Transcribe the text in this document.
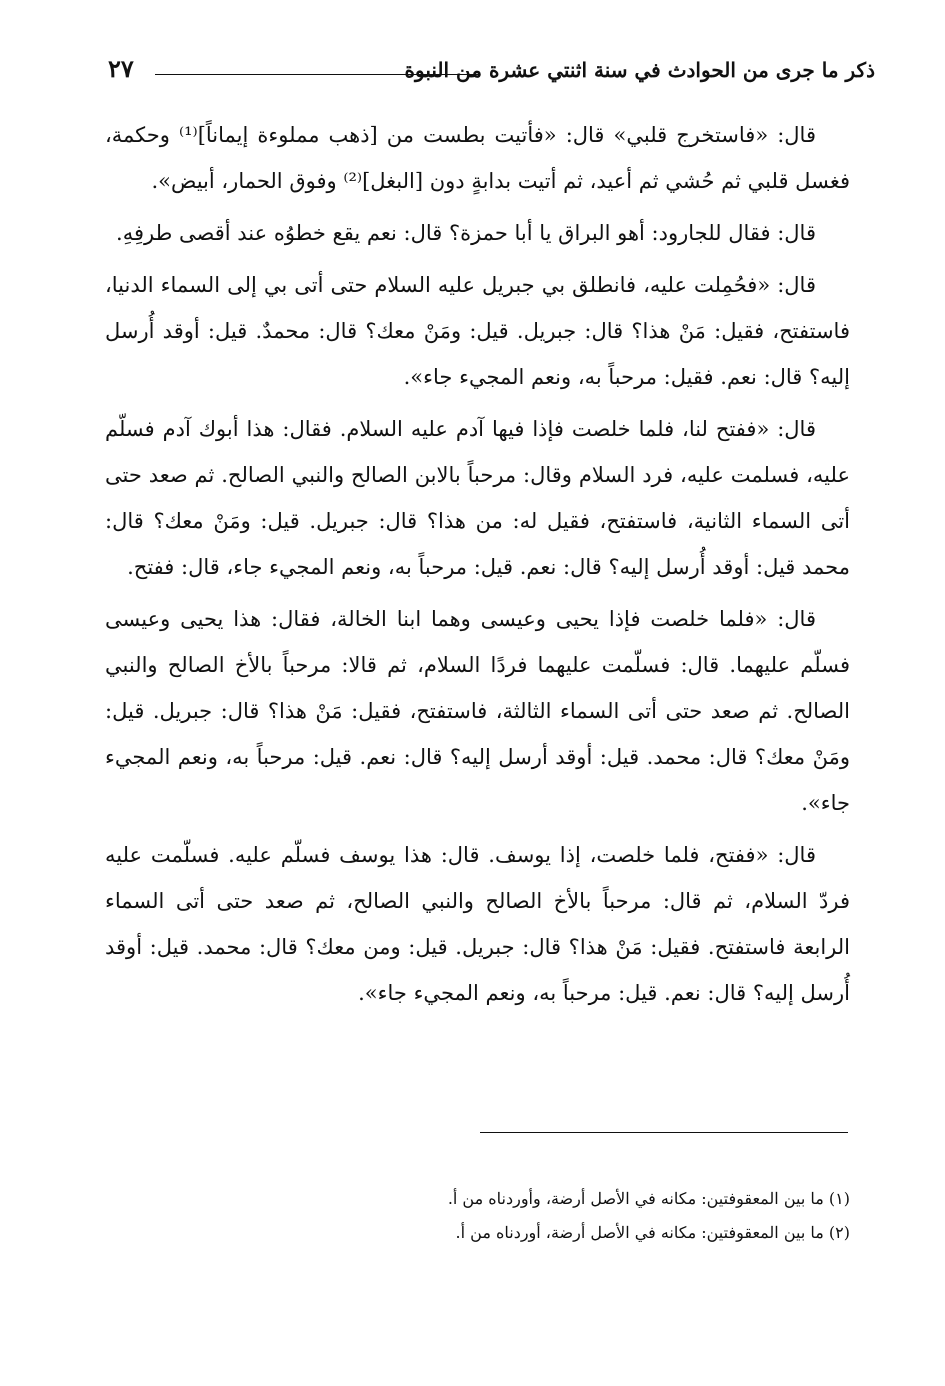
ذكر ما جرى من الحوادث في سنة اثنتي عشرة من النبوة
٢٧

قال: «فاستخرج قلبي» قال: «فأتيت بطست من [ذهب مملوءة إيماناً]⁽¹⁾ وحكمة، فغسل قلبي ثم حُشي ثم أعيد، ثم أتيت بدابةٍ دون [البغل]⁽²⁾ وفوق الحمار، أبيض».

قال: فقال للجارود: أهو البراق يا أبا حمزة؟ قال: نعم يقع خطوُه عند أقصى طرفِهِ.

قال: «فحُمِلت عليه، فانطلق بي جبريل عليه السلام حتى أتى بي إلى السماء الدنيا، فاستفتح، فقيل: مَنْ هذا؟ قال: جبريل. قيل: ومَنْ معك؟ قال: محمدٌ. قيل: أوقد أُرسل إليه؟ قال: نعم. فقيل: مرحباً به، ونعم المجيء جاء».

قال: «ففتح لنا، فلما خلصت فإذا فيها آدم عليه السلام. فقال: هذا أبوك آدم فسلّم عليه، فسلمت عليه، فرد السلام وقال: مرحباً بالابن الصالح والنبي الصالح. ثم صعد حتى أتى السماء الثانية، فاستفتح، فقيل له: من هذا؟ قال: جبريل. قيل: ومَنْ معك؟ قال: محمد قيل: أوقد أُرسل إليه؟ قال: نعم. قيل: مرحباً به، ونعم المجيء جاء، قال: ففتح.

قال: «فلما خلصت فإذا يحيى وعيسى وهما ابنا الخالة، فقال: هذا يحيى وعيسى فسلّم عليهما. قال: فسلّمت عليهما فردًا السلام، ثم قالا: مرحباً بالأخ الصالح والنبي الصالح. ثم صعد حتى أتى السماء الثالثة، فاستفتح، فقيل: مَنْ هذا؟ قال: جبريل. قيل: ومَنْ معك؟ قال: محمد. قيل: أوقد أرسل إليه؟ قال: نعم. قيل: مرحباً به، ونعم المجيء جاء».

قال: «ففتح، فلما خلصت، إذا يوسف. قال: هذا يوسف فسلّم عليه. فسلّمت عليه فردّ السلام، ثم قال: مرحباً بالأخ الصالح والنبي الصالح، ثم صعد حتى أتى السماء الرابعة فاستفتح. فقيل: مَنْ هذا؟ قال: جبريل. قيل: ومن معك؟ قال: محمد. قيل: أوقد أُرسل إليه؟ قال: نعم. قيل: مرحباً به، ونعم المجيء جاء».

(١) ما بين المعقوفتين: مكانه في الأصل أرضة، وأوردناه من أ.

(٢) ما بين المعقوفتين: مكانه في الأصل أرضة، أوردناه من أ.
